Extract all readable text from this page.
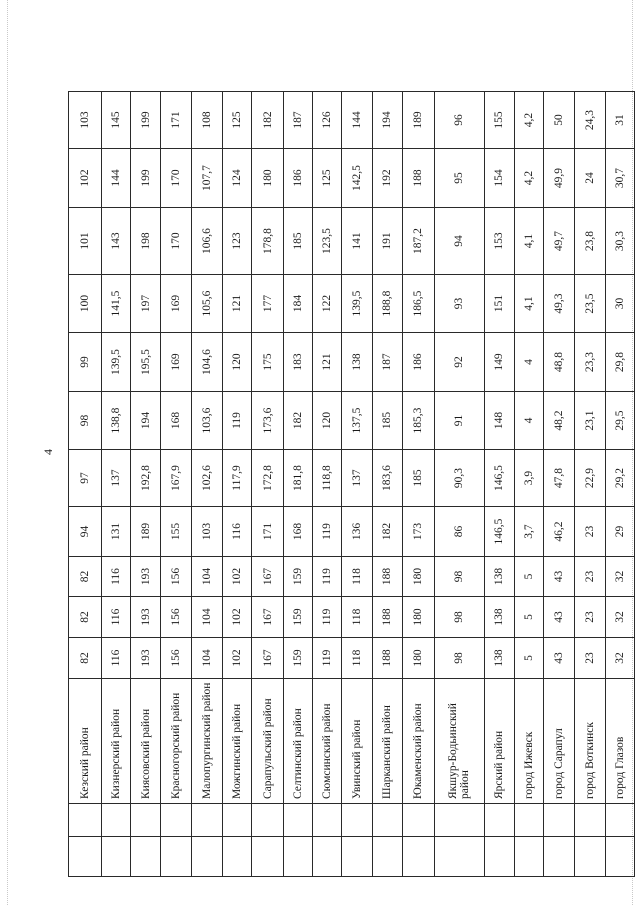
4
		Кезский район	82	82	82	94	97	98	99	100	101	102	103
		Кизнерский район	116	116	116	131	137	138,8	139,5	141,5	143	144	145
		Киясовский район	193	193	193	189	192,8	194	195,5	197	198	199	199
		Красногорский район	156	156	156	155	167,9	168	169	169	170	170	171
		Малопургинский район	104	104	104	103	102,6	103,6	104,6	105,6	106,6	107,7	108
		Можгинский район	102	102	102	116	117,9	119	120	121	123	124	125
		Сарапульский район	167	167	167	171	172,8	173,6	175	177	178,8	180	182
		Селтинский район	159	159	159	168	181,8	182	183	184	185	186	187
		Сюмсинский район	119	119	119	119	118,8	120	121	122	123,5	125	126
		Увинский район	118	118	118	136	137	137,5	138	139,5	141	142,5	144
		Шарканский район	188	188	188	182	183,6	185	187	188,8	191	192	194
		Юкаменский район	180	180	180	173	185	185,3	186	186,5	187,2	188	189
		Якшур-Бодьинский район	98	98	98	86	90,3	91	92	93	94	95	96
		Ярский район	138	138	138	146,5	146,5	148	149	151	153	154	155
		город Ижевск	5	5	5	3,7	3,9	4	4	4,1	4,1	4,2	4,2
		город Сарапул	43	43	43	46,2	47,8	48,2	48,8	49,3	49,7	49,9	50
		город Воткинск	23	23	23	23	22,9	23,1	23,3	23,5	23,8	24	24,3
		город Глазов	32	32	32	29	29,2	29,5	29,8	30	30,3	30,7	31
